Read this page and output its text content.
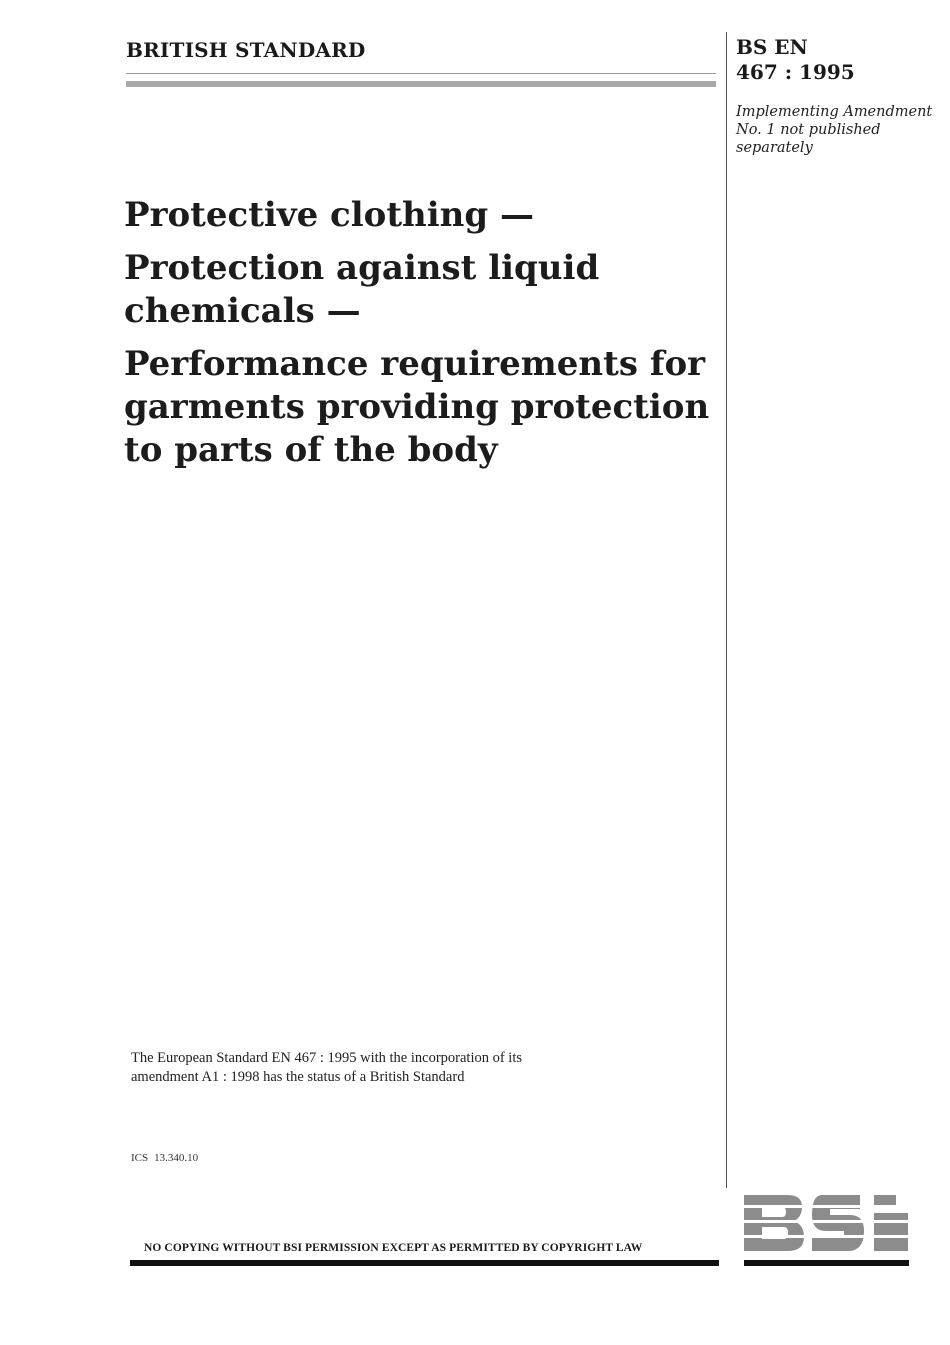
BRITISH STANDARD	BS EN
467 : 1995
Implementing Amendment No. 1 not published separately
Protective clothing —
Protection against liquid chemicals —
Performance requirements for garments providing protection to parts of the body
The European Standard EN 467 : 1995 with the incorporation of its
amendment A1 : 1998 has the status of a British Standard
ICS 13.340.10
NO COPYING WITHOUT BSI PERMISSION EXCEPT AS PERMITTED BY COPYRIGHT LAW
